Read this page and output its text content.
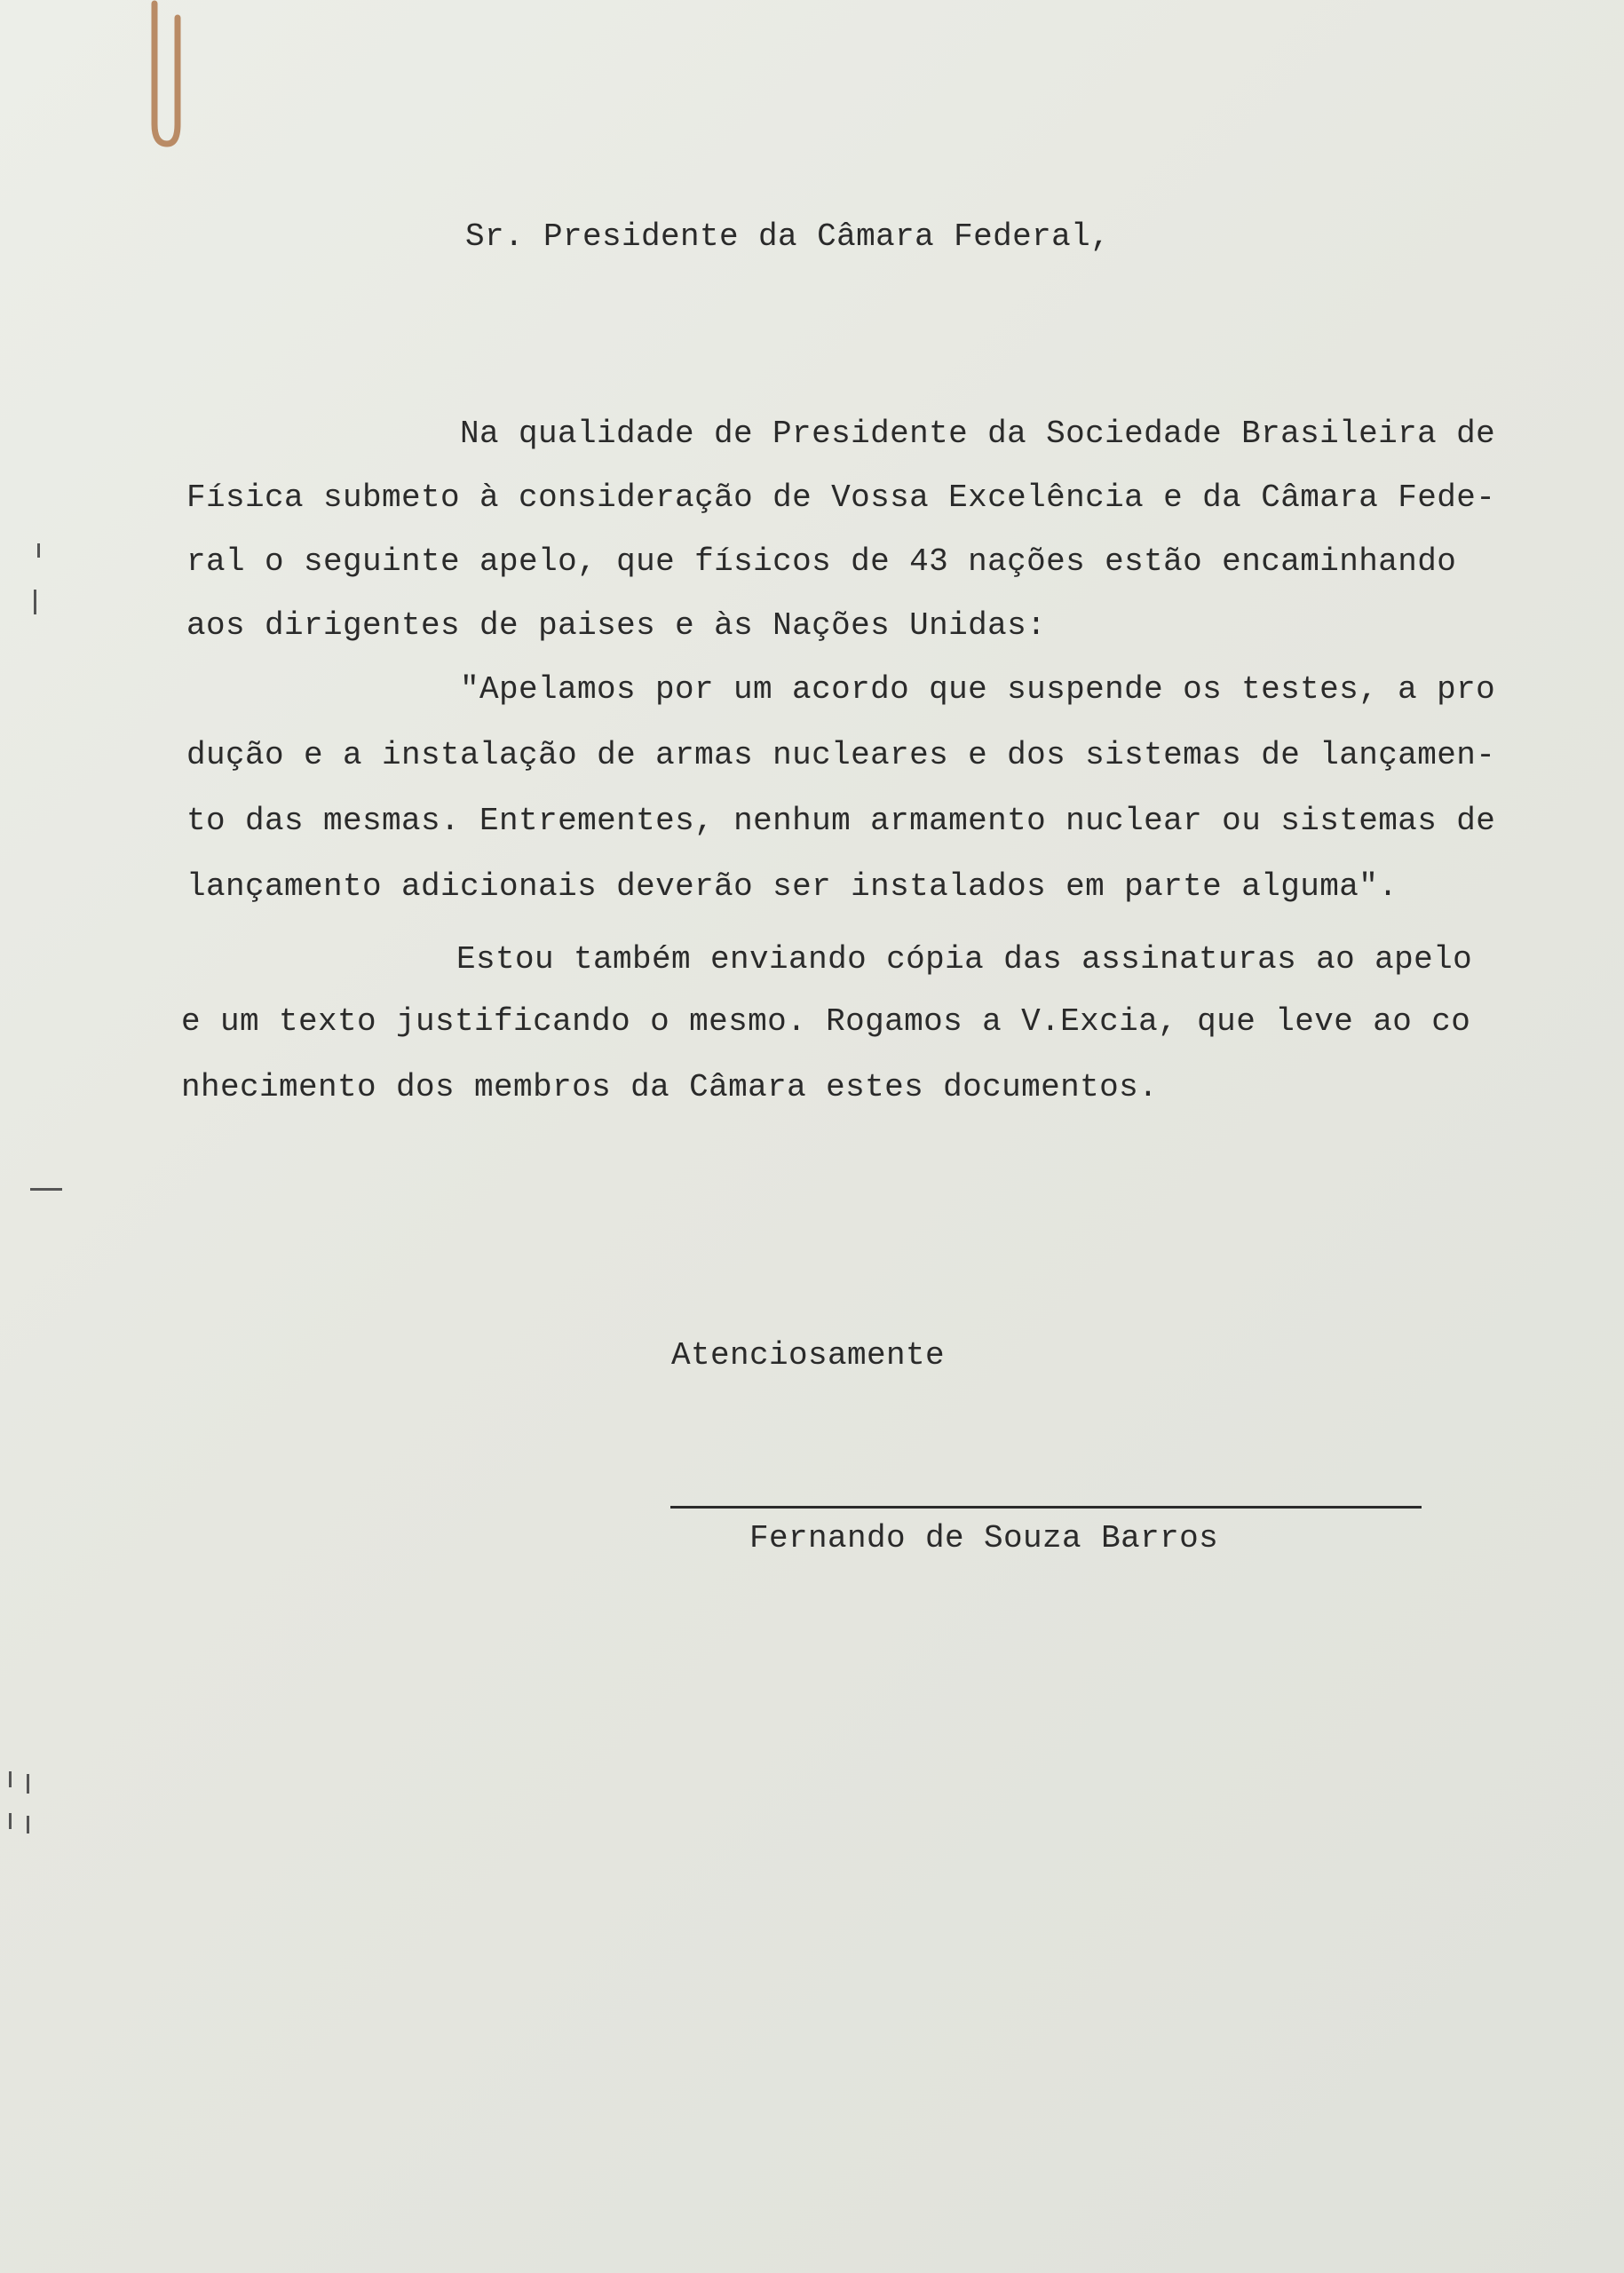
Sr. Presidente da Câmara Federal,

Na qualidade de Presidente da Sociedade Brasileira de

Física submeto à consideração de Vossa Excelência e da Câmara Fede-

ral o seguinte apelo, que físicos de 43 nações estão encaminhando

aos dirigentes de paises e às Nações Unidas:

"Apelamos por um acordo que suspende os testes, a pro

dução e a instalação de armas nucleares e dos sistemas de lançamen-

to das mesmas. Entrementes, nenhum armamento nuclear ou sistemas de

lançamento adicionais deverão ser instalados em parte alguma".

Estou também enviando cópia das assinaturas ao apelo

e um texto justificando o mesmo. Rogamos a V.Excia, que leve ao co

nhecimento dos membros da Câmara estes documentos.

Atenciosamente

Fernando de Souza Barros
